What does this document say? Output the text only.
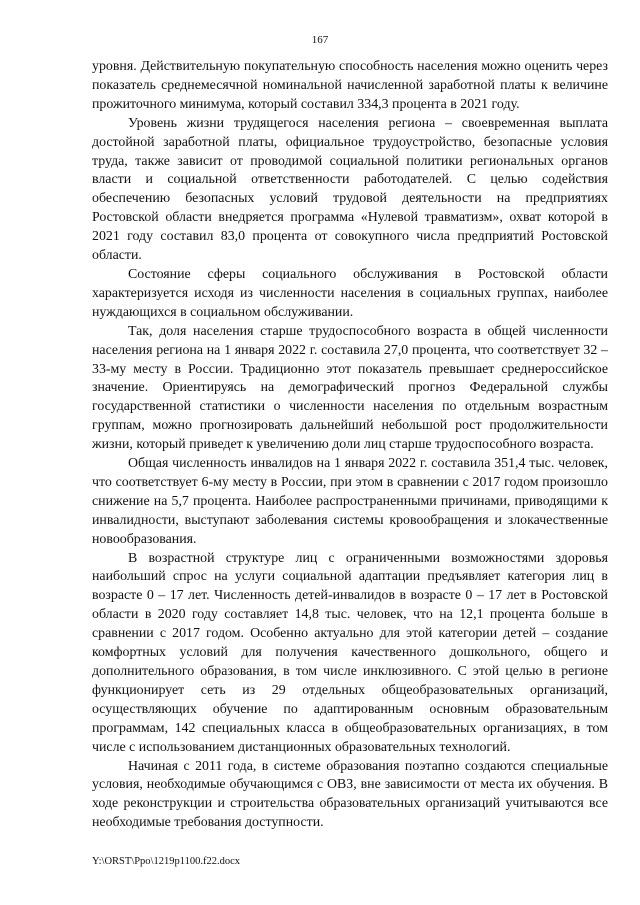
167

уровня. Действительную покупательную способность населения можно оценить через показатель среднемесячной номинальной начисленной заработной платы к величине прожиточного минимума, который составил 334,3 процента в 2021 году.

Уровень жизни трудящегося населения региона – своевременная выплата достойной заработной платы, официальное трудоустройство, безопасные условия труда, также зависит от проводимой социальной политики региональных органов власти и социальной ответственности работодателей. С целью содействия обеспечению безопасных условий трудовой деятельности на предприятиях Ростовской области внедряется программа «Нулевой травматизм», охват которой в 2021 году составил 83,0 процента от совокупного числа предприятий Ростовской области.

Состояние сферы социального обслуживания в Ростовской области характеризуется исходя из численности населения в социальных группах, наиболее нуждающихся в социальном обслуживании.

Так, доля населения старше трудоспособного возраста в общей численности населения региона на 1 января 2022 г. составила 27,0 процента, что соответствует 32 – 33-му месту в России. Традиционно этот показатель превышает среднероссийское значение. Ориентируясь на демографический прогноз Федеральной службы государственной статистики о численности населения по отдельным возрастным группам, можно прогнозировать дальнейший небольшой рост продолжительности жизни, который приведет к увеличению доли лиц старше трудоспособного возраста.

Общая численность инвалидов на 1 января 2022 г. составила 351,4 тыс. человек, что соответствует 6-му месту в России, при этом в сравнении с 2017 годом произошло снижение на 5,7 процента. Наиболее распространенными причинами, приводящими к инвалидности, выступают заболевания системы кровообращения и злокачественные новообразования.

В возрастной структуре лиц с ограниченными возможностями здоровья наибольший спрос на услуги социальной адаптации предъявляет категория лиц в возрасте 0 – 17 лет. Численность детей-инвалидов в возрасте 0 – 17 лет в Ростовской области в 2020 году составляет 14,8 тыс. человек, что на 12,1 процента больше в сравнении с 2017 годом. Особенно актуально для этой категории детей – создание комфортных условий для получения качественного дошкольного, общего и дополнительного образования, в том числе инклюзивного. С этой целью в регионе функционирует сеть из 29 отдельных общеобразовательных организаций, осуществляющих обучение по адаптированным основным образовательным программам, 142 специальных класса в общеобразовательных организациях, в том числе с использованием дистанционных образовательных технологий.

Начиная с 2011 года, в системе образования поэтапно создаются специальные условия, необходимые обучающимся с ОВЗ, вне зависимости от места их обучения. В ходе реконструкции и строительства образовательных организаций учитываются все необходимые требования доступности.

Y:\ORST\Ppo\1219p1100.f22.docx
